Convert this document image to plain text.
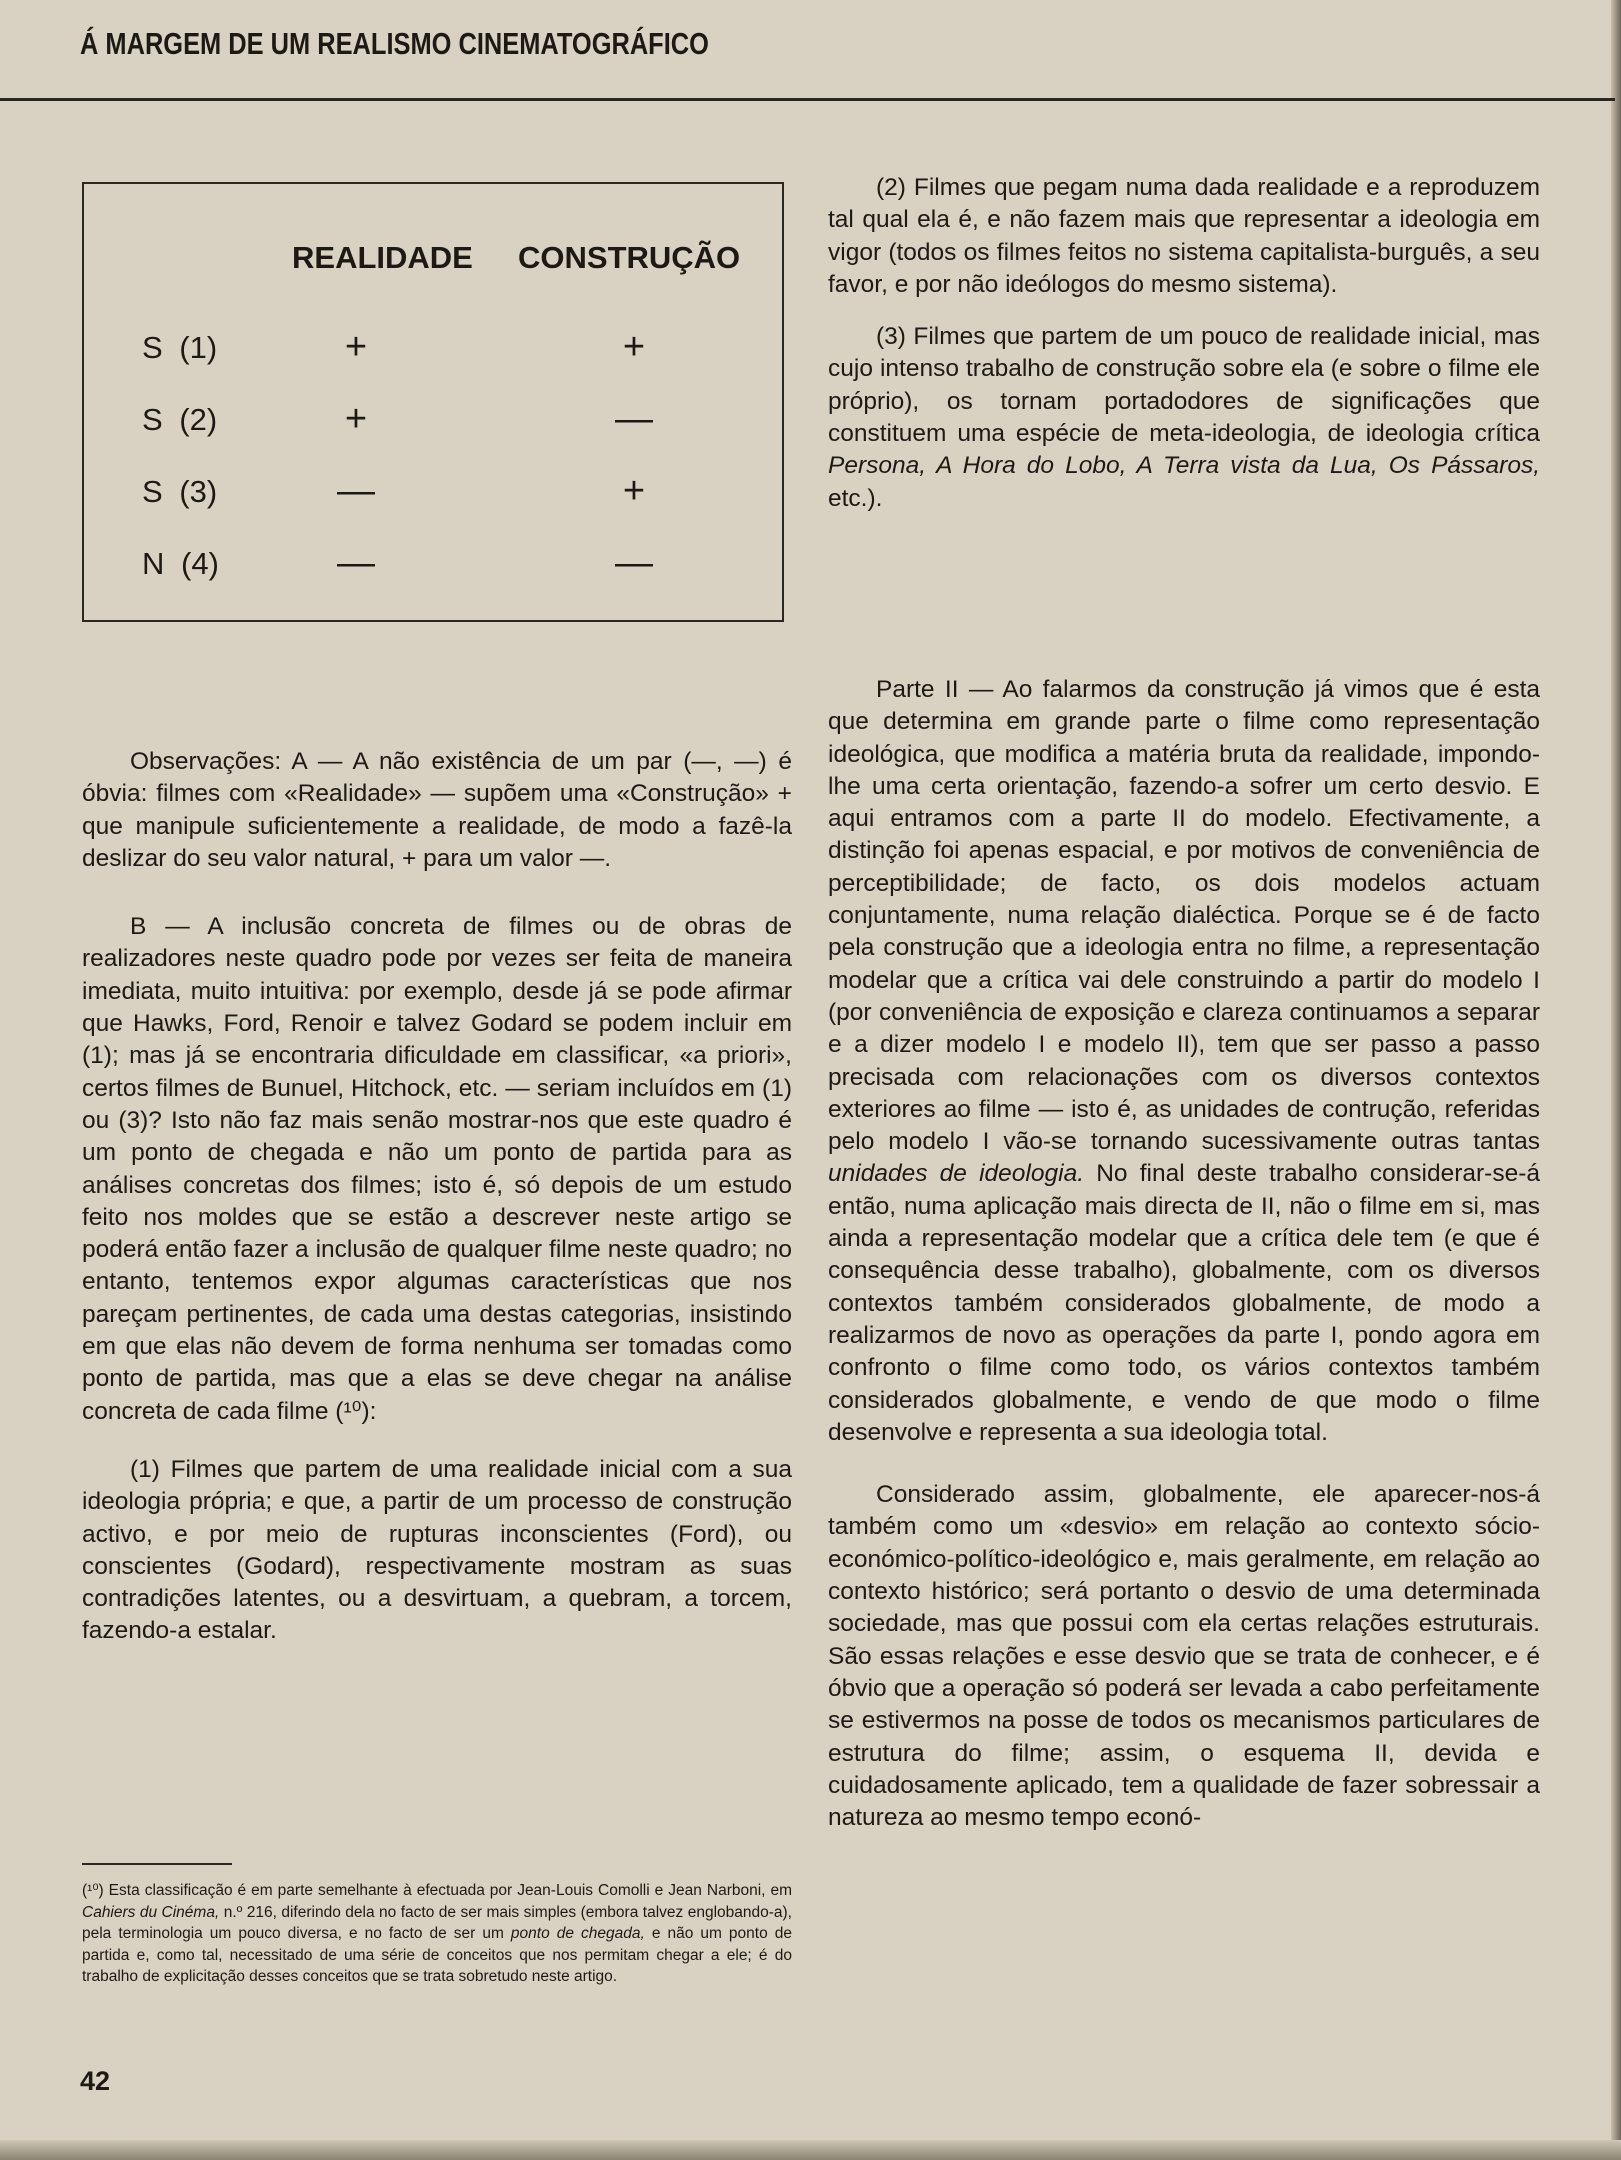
Á MARGEM DE UM REALISMO CINEMATOGRÁFICO
REALIDADE CONSTRUÇÃO
S (1)	+	+
S (2)	+	—
S (3)	—	+
N (4)	—	—

(2) Filmes que pegam numa dada realidade e a reproduzem tal qual ela é, e não fazem mais que representar a ideologia em vigor (todos os filmes feitos no sistema capitalista-burguês, a seu favor, e por não ideólogos do mesmo sistema).

(3) Filmes que partem de um pouco de realidade inicial, mas cujo intenso trabalho de construção sobre ela (e sobre o filme ele próprio), os tornam portadodores de significações que constituem uma espécie de meta-ideologia, de ideologia crítica Persona, A Hora do Lobo, A Terra vista da Lua, Os Pássaros, etc.).

Observações: A — A não existência de um par (—, —) é óbvia: filmes com «Realidade» — supõem uma «Construção» + que manipule suficientemente a realidade, de modo a fazê-la deslizar do seu valor natural, + para um valor —.

B — A inclusão concreta de filmes ou de obras de realizadores neste quadro pode por vezes ser feita de maneira imediata, muito intuitiva: por exemplo, desde já se pode afirmar que Hawks, Ford, Renoir e talvez Godard se podem incluir em (1); mas já se encontraria dificuldade em classificar, «a priori», certos filmes de Bunuel, Hitchock, etc. — seriam incluídos em (1) ou (3)? Isto não faz mais senão mostrar-nos que este quadro é um ponto de chegada e não um ponto de partida para as análises concretas dos filmes; isto é, só depois de um estudo feito nos moldes que se estão a descrever neste artigo se poderá então fazer a inclusão de qualquer filme neste quadro; no entanto, tentemos expor algumas características que nos pareçam pertinentes, de cada uma destas categorias, insistindo em que elas não devem de forma nenhuma ser tomadas como ponto de partida, mas que a elas se deve chegar na análise concreta de cada filme (¹⁰):

(1) Filmes que partem de uma realidade inicial com a sua ideologia própria; e que, a partir de um processo de construção activo, e por meio de rupturas inconscientes (Ford), ou conscientes (Godard), respectivamente mostram as suas contradições latentes, ou a desvirtuam, a quebram, a torcem, fazendo-a estalar.

Parte II — Ao falarmos da construção já vimos que é esta que determina em grande parte o filme como representação ideológica, que modifica a matéria bruta da realidade, impondo-lhe uma certa orientação, fazendo-a sofrer um certo desvio. E aqui entramos com a parte II do modelo. Efectivamente, a distinção foi apenas espacial, e por motivos de conveniência de perceptibilidade; de facto, os dois modelos actuam conjuntamente, numa relação dialéctica. Porque se é de facto pela construção que a ideologia entra no filme, a representação modelar que a crítica vai dele construindo a partir do modelo I (por conveniência de exposição e clareza continuamos a separar e a dizer modelo I e modelo II), tem que ser passo a passo precisada com relacionações com os diversos contextos exteriores ao filme — isto é, as unidades de contrução, referidas pelo modelo I vão-se tornando sucessivamente outras tantas unidades de ideologia. No final deste trabalho considerar-se-á então, numa aplicação mais directa de II, não o filme em si, mas ainda a representação modelar que a crítica dele tem (e que é consequência desse trabalho), globalmente, com os diversos contextos também considerados globalmente, de modo a realizarmos de novo as operações da parte I, pondo agora em confronto o filme como todo, os vários contextos também considerados globalmente, e vendo de que modo o filme desenvolve e representa a sua ideologia total.

Considerado assim, globalmente, ele aparecer-nos-á também como um «desvio» em relação ao contexto sócio-económico-político-ideológico e, mais geralmente, em relação ao contexto histórico; será portanto o desvio de uma determinada sociedade, mas que possui com ela certas relações estruturais. São essas relações e esse desvio que se trata de conhecer, e é óbvio que a operação só poderá ser levada a cabo perfeitamente se estivermos na posse de todos os mecanismos particulares de estrutura do filme; assim, o esquema II, devida e cuidadosamente aplicado, tem a qualidade de fazer sobressair a natureza ao mesmo tempo econó-

(¹⁰) Esta classificação é em parte semelhante à efectuada por Jean-Louis Comolli e Jean Narboni, em Cahiers du Cinéma, n.º 216, diferindo dela no facto de ser mais simples (embora talvez englobando-a), pela terminologia um pouco diversa, e no facto de ser um ponto de chegada, e não um ponto de partida e, como tal, necessitado de uma série de conceitos que nos permitam chegar a ele; é do trabalho de explicitação desses conceitos que se trata sobretudo neste artigo.
42
